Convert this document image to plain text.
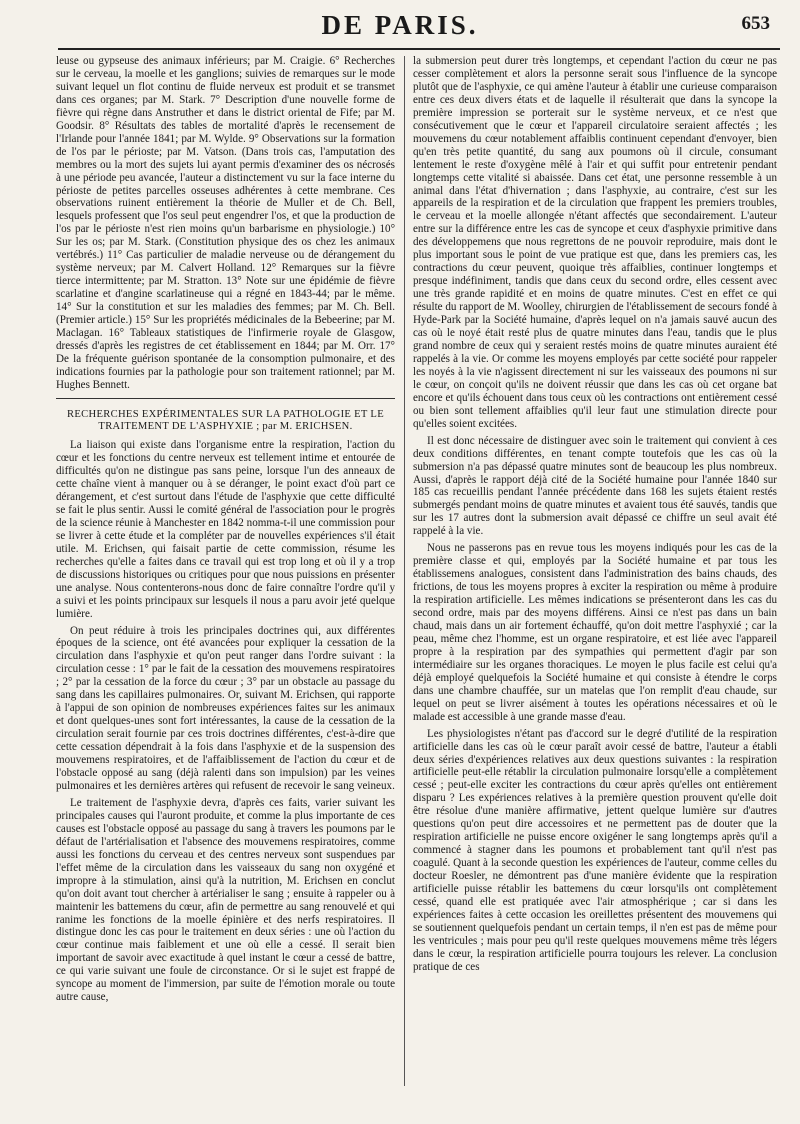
DE PARIS.	653

leuse ou gypseuse des animaux inférieurs; par M. Craigie. 6° Recherches sur le cerveau, la moelle et les ganglions; suivies de remarques sur le mode suivant lequel un flot continu de fluide nerveux est produit et se transmet dans ces organes; par M. Stark. 7° Description d'une nouvelle forme de fièvre qui règne dans Anstruther et dans le district oriental de Fife; par M. Goodsir. 8° Résultats des tables de mortalité d'après le recensement de l'Irlande pour l'année 1841; par M. Wylde. 9° Observations sur la formation de l'os par le périoste; par M. Vatson. (Dans trois cas, l'amputation des membres ou la mort des sujets lui ayant permis d'examiner des os nécrosés à une période peu avancée, l'auteur a distinctement vu sur la face interne du périoste de petites parcelles osseuses adhérentes à cette membrane. Ces observations ruinent entièrement la théorie de Muller et de Ch. Bell, lesquels professent que l'os seul peut engendrer l'os, et que la production de l'os par le périoste n'est rien moins qu'un barbarisme en physiologie.) 10° Sur les os; par M. Stark. (Constitution physique des os chez les animaux vertébrés.) 11° Cas particulier de maladie nerveuse ou de dérangement du système nerveux; par M. Calvert Holland. 12° Remarques sur la fièvre tierce intermittente; par M. Stratton. 13° Note sur une épidémie de fièvre scarlatine et d'angine scarlatineuse qui a régné en 1843-44; par le même. 14° Sur la constitution et sur les maladies des femmes; par M. Ch. Bell. (Premier article.) 15° Sur les propriétés médicinales de la Bebeerine; par M. Maclagan. 16° Tableaux statistiques de l'infirmerie royale de Glasgow, dressés d'après les registres de cet établissement en 1844; par M. Orr. 17° De la fréquente guérison spontanée de la consomption pulmonaire, et des indications fournies par la pathologie pour son traitement rationnel; par M. Hughes Bennett.

RECHERCHES EXPÉRIMENTALES SUR LA PATHOLOGIE ET LE TRAITEMENT DE L'ASPHYXIE ; par M. ERICHSEN.

La liaison qui existe dans l'organisme entre la respiration, l'action du cœur et les fonctions du centre nerveux est tellement intime et entourée de difficultés qu'on ne distingue pas sans peine, lorsque l'un des anneaux de cette chaîne vient à manquer ou à se déranger, le point exact d'où part ce dérangement, et c'est surtout dans l'étude de l'asphyxie que cette difficulté se fait le plus sentir. Aussi le comité général de l'association pour le progrès de la science réunie à Manchester en 1842 nomma-t-il une commission pour se livrer à cette étude et la compléter par de nouvelles expériences s'il était utile. M. Erichsen, qui faisait partie de cette commission, résume les recherches qu'elle a faites dans ce travail qui est trop long et où il y a trop de discussions historiques ou critiques pour que nous puissions en présenter une analyse. Nous contenterons-nous donc de faire connaître l'ordre qu'il y a suivi et les points principaux sur lesquels il nous a paru avoir jeté quelque lumière.

On peut réduire à trois les principales doctrines qui, aux différentes époques de la science, ont été avancées pour expliquer la cessation de la circulation dans l'asphyxie et qu'on peut ranger dans l'ordre suivant : la circulation cesse : 1° par le fait de la cessation des mouvemens respiratoires ; 2° par la cessation de la force du cœur ; 3° par un obstacle au passage du sang dans les capillaires pulmonaires. Or, suivant M. Erichsen, qui rapporte à l'appui de son opinion de nombreuses expériences faites sur les animaux et dont quelques-unes sont fort intéressantes, la cause de la cessation de la circulation serait fournie par ces trois doctrines différentes, c'est-à-dire que cette cessation dépendrait à la fois dans l'asphyxie et de la suspension des mouvemens respiratoires, et de l'affaiblissement de l'action du cœur et de l'obstacle opposé au sang (déjà ralenti dans son impulsion) par les veines pulmonaires et les dernières artères qui refusent de recevoir le sang veineux.

Le traitement de l'asphyxie devra, d'après ces faits, varier suivant les principales causes qui l'auront produite, et comme la plus importante de ces causes est l'obstacle opposé au passage du sang à travers les poumons par le défaut de l'artérialisation et l'absence des mouvemens respiratoires, comme aussi les fonctions du cerveau et des centres nerveux sont suspendues par l'effet même de la circulation dans les vaisseaux du sang non oxygéné et impropre à la stimulation, ainsi qu'à la nutrition, M. Erichsen en conclut qu'on doit avant tout chercher à artérialiser le sang ; ensuite à rappeler ou à maintenir les battemens du cœur, afin de permettre au sang renouvelé et qui ranime les fonctions de la moelle épinière et des nerfs respiratoires. Il distingue donc les cas pour le traitement en deux séries : une où l'action du cœur continue mais faiblement et une où elle a cessé. Il serait bien important de savoir avec exactitude à quel instant le cœur a cessé de battre, ce qui varie suivant une foule de circonstance. Or si le sujet est frappé de syncope au moment de l'immersion, par suite de l'émotion morale ou toute autre cause,

la submersion peut durer très longtemps, et cependant l'action du cœur ne pas cesser complètement et alors la personne serait sous l'influence de la syncope plutôt que de l'asphyxie, ce qui amène l'auteur à établir une curieuse comparaison entre ces deux divers états et de laquelle il résulterait que dans la syncope la première impression se porterait sur le système nerveux, et ce n'est que consécutivement que le cœur et l'appareil circulatoire seraient affectés ; les mouvemens du cœur notablement affaiblis continuent cependant d'envoyer, bien qu'en très petite quantité, du sang aux poumons où il circule, consumant lentement le reste d'oxygène mêlé à l'air et qui suffit pour entretenir pendant longtemps cette vitalité si abaissée. Dans cet état, une personne ressemble à un animal dans l'état d'hivernation ; dans l'asphyxie, au contraire, c'est sur les appareils de la respiration et de la circulation que frappent les premiers troubles, le cerveau et la moelle allongée n'étant affectés que secondairement. L'auteur entre sur la différence entre les cas de syncope et ceux d'asphyxie primitive dans des développemens que nous regrettons de ne pouvoir reproduire, mais dont le plus important sous le point de vue pratique est que, dans les premiers cas, les contractions du cœur peuvent, quoique très affaiblies, continuer longtemps et presque indéfiniment, tandis que dans ceux du second ordre, elles cessent avec une très grande rapidité et en moins de quatre minutes. C'est en effet ce qui résulte du rapport de M. Woolley, chirurgien de l'établissement de secours fondé à Hyde-Park par la Société humaine, d'après lequel on n'a jamais sauvé aucun des cas où le noyé était resté plus de quatre minutes dans l'eau, tandis que le plus grand nombre de ceux qui y seraient restés moins de quatre minutes auraient été rappelés à la vie. Or comme les moyens employés par cette société pour rappeler les noyés à la vie n'agissent directement ni sur les vaisseaux des poumons ni sur le cœur, on conçoit qu'ils ne doivent réussir que dans les cas où cet organe bat encore et qu'ils échouent dans tous ceux où les contractions ont entièrement cessé ou bien sont tellement affaiblies qu'il leur faut une stimulation directe pour qu'elles soient excitées.

Il est donc nécessaire de distinguer avec soin le traitement qui convient à ces deux conditions différentes, en tenant compte toutefois que les cas où la submersion n'a pas dépassé quatre minutes sont de beaucoup les plus nombreux. Aussi, d'après le rapport déjà cité de la Société humaine pour l'année 1840 sur 185 cas recueillis pendant l'année précédente dans 168 les sujets étaient restés submergés pendant moins de quatre minutes et avaient tous été sauvés, tandis que sur les 17 autres dont la submersion avait dépassé ce chiffre un seul avait été rappelé à la vie.

Nous ne passerons pas en revue tous les moyens indiqués pour les cas de la première classe et qui, employés par la Société humaine et par tous les établissemens analogues, consistent dans l'administration des bains chauds, des frictions, de tous les moyens propres à exciter la respiration ou même à produire la respiration artificielle. Les mêmes indications se présenteront dans les cas du second ordre, mais par des moyens différens. Ainsi ce n'est pas dans un bain chaud, mais dans un air fortement échauffé, qu'on doit mettre l'asphyxié ; car la peau, même chez l'homme, est un organe respiratoire, et est liée avec l'appareil propre à la respiration par des sympathies qui permettent d'agir par son intermédiaire sur les organes thoraciques. Le moyen le plus facile est celui qu'a déjà employé quelquefois la Société humaine et qui consiste à étendre le corps dans une chambre chauffée, sur un matelas que l'on remplit d'eau chaude, sur lequel on peut se livrer aisément à toutes les opérations nécessaires et où le malade est accessible à une grande masse d'eau.

Les physiologistes n'étant pas d'accord sur le degré d'utilité de la respiration artificielle dans les cas où le cœur paraît avoir cessé de battre, l'auteur a établi deux séries d'expériences relatives aux deux questions suivantes : la respiration artificielle peut-elle rétablir la circulation pulmonaire lorsqu'elle a complètement cessé ; peut-elle exciter les contractions du cœur après qu'elles ont entièrement disparu ? Les expériences relatives à la première question prouvent qu'elle doit être résolue d'une manière affirmative, jettent quelque lumière sur d'autres questions qu'on peut dire accessoires et ne permettent pas de douter que la respiration artificielle ne puisse encore oxigéner le sang longtemps après qu'il a commencé à stagner dans les poumons et probablement tant qu'il n'est pas coagulé. Quant à la seconde question les expériences de l'auteur, comme celles du docteur Roesler, ne démontrent pas d'une manière évidente que la respiration artificielle puisse rétablir les battemens du cœur lorsqu'ils ont complètement cessé, quand elle est pratiquée avec l'air atmosphérique ; car si dans les expériences faites à cette occasion les oreillettes présentent des mouvemens qui se soutiennent quelquefois pendant un certain temps, il n'en est pas de même pour les ventricules ; mais pour peu qu'il reste quelques mouvemens même très légers dans le cœur, la respiration artificielle pourra toujours les relever. La conclusion pratique de ces
